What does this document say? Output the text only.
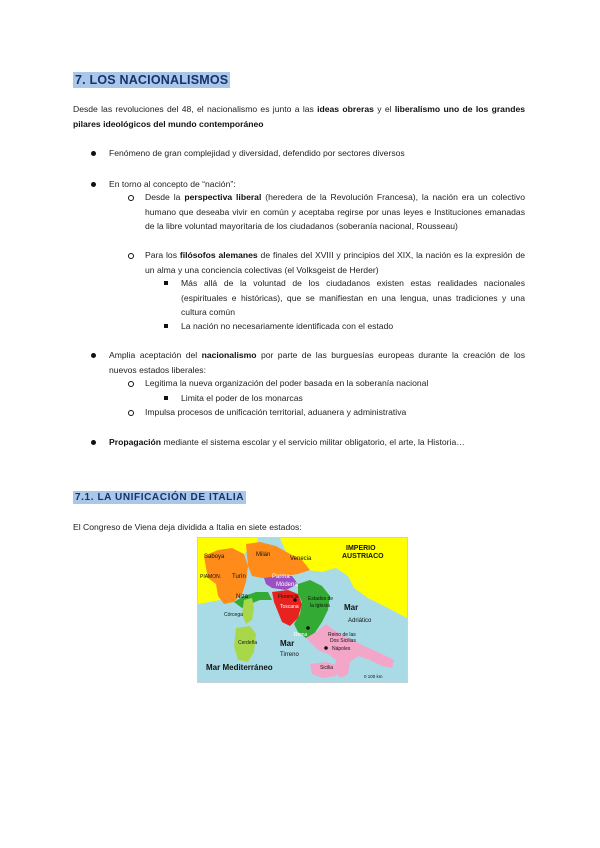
7. LOS NACIONALISMOS
Desde las revoluciones del 48, el nacionalismo es junto a las ideas obreras y el liberalismo uno de los grandes pilares ideológicos del mundo contemporáneo
Fenómeno de gran complejidad y diversidad, defendido por sectores diversos
En torno al concepto de “nación”:
Desde la perspectiva liberal (heredera de la Revolución Francesa), la nación era un colectivo humano que deseaba vivir en común y aceptaba regirse por unas leyes e Instituciones emanadas de la libre voluntad mayoritaria de los ciudadanos (soberanía nacional, Rousseau)
Para los filósofos alemanes de finales del XVIII y principios del XIX, la nación es la expresión de un alma y una conciencia colectivas (el Volksgeist de Herder)
Más allá de la voluntad de los ciudadanos existen estas realidades nacionales (espirituales e históricas), que se manifiestan en una lengua, unas tradiciones y una cultura común
La nación no necesariamente identificada con el estado
Amplia aceptación del nacionalismo por parte de las burguesías europeas durante la creación de los nuevos estados liberales:
Legitima la nueva organización del poder basada en la soberanía nacional
Limita el poder de los monarcas
Impulsa procesos de unificación territorial, aduanera y administrativa
Propagación mediante el sistema escolar y el servicio militar obligatorio, el arte, la Historia…
7.1. LA UNIFICACIÓN DE ITALIA
El Congreso de Viena deja dividida a Italia en siete estados:
IMPERIO
AUSTRIACO
Saboya	Milán
Venecia
PIAMON. Turín	Parma
Módena
Niza	Florencia
Toscana
Estados de
la Iglesia
Córcega
Roma
Mar
Adriático
Reino de las
Dos Sicilias
Nápoles
Cerdeña	Mar
Tirreno
Sicilia
Mar Mediterráneo
0 100 km
